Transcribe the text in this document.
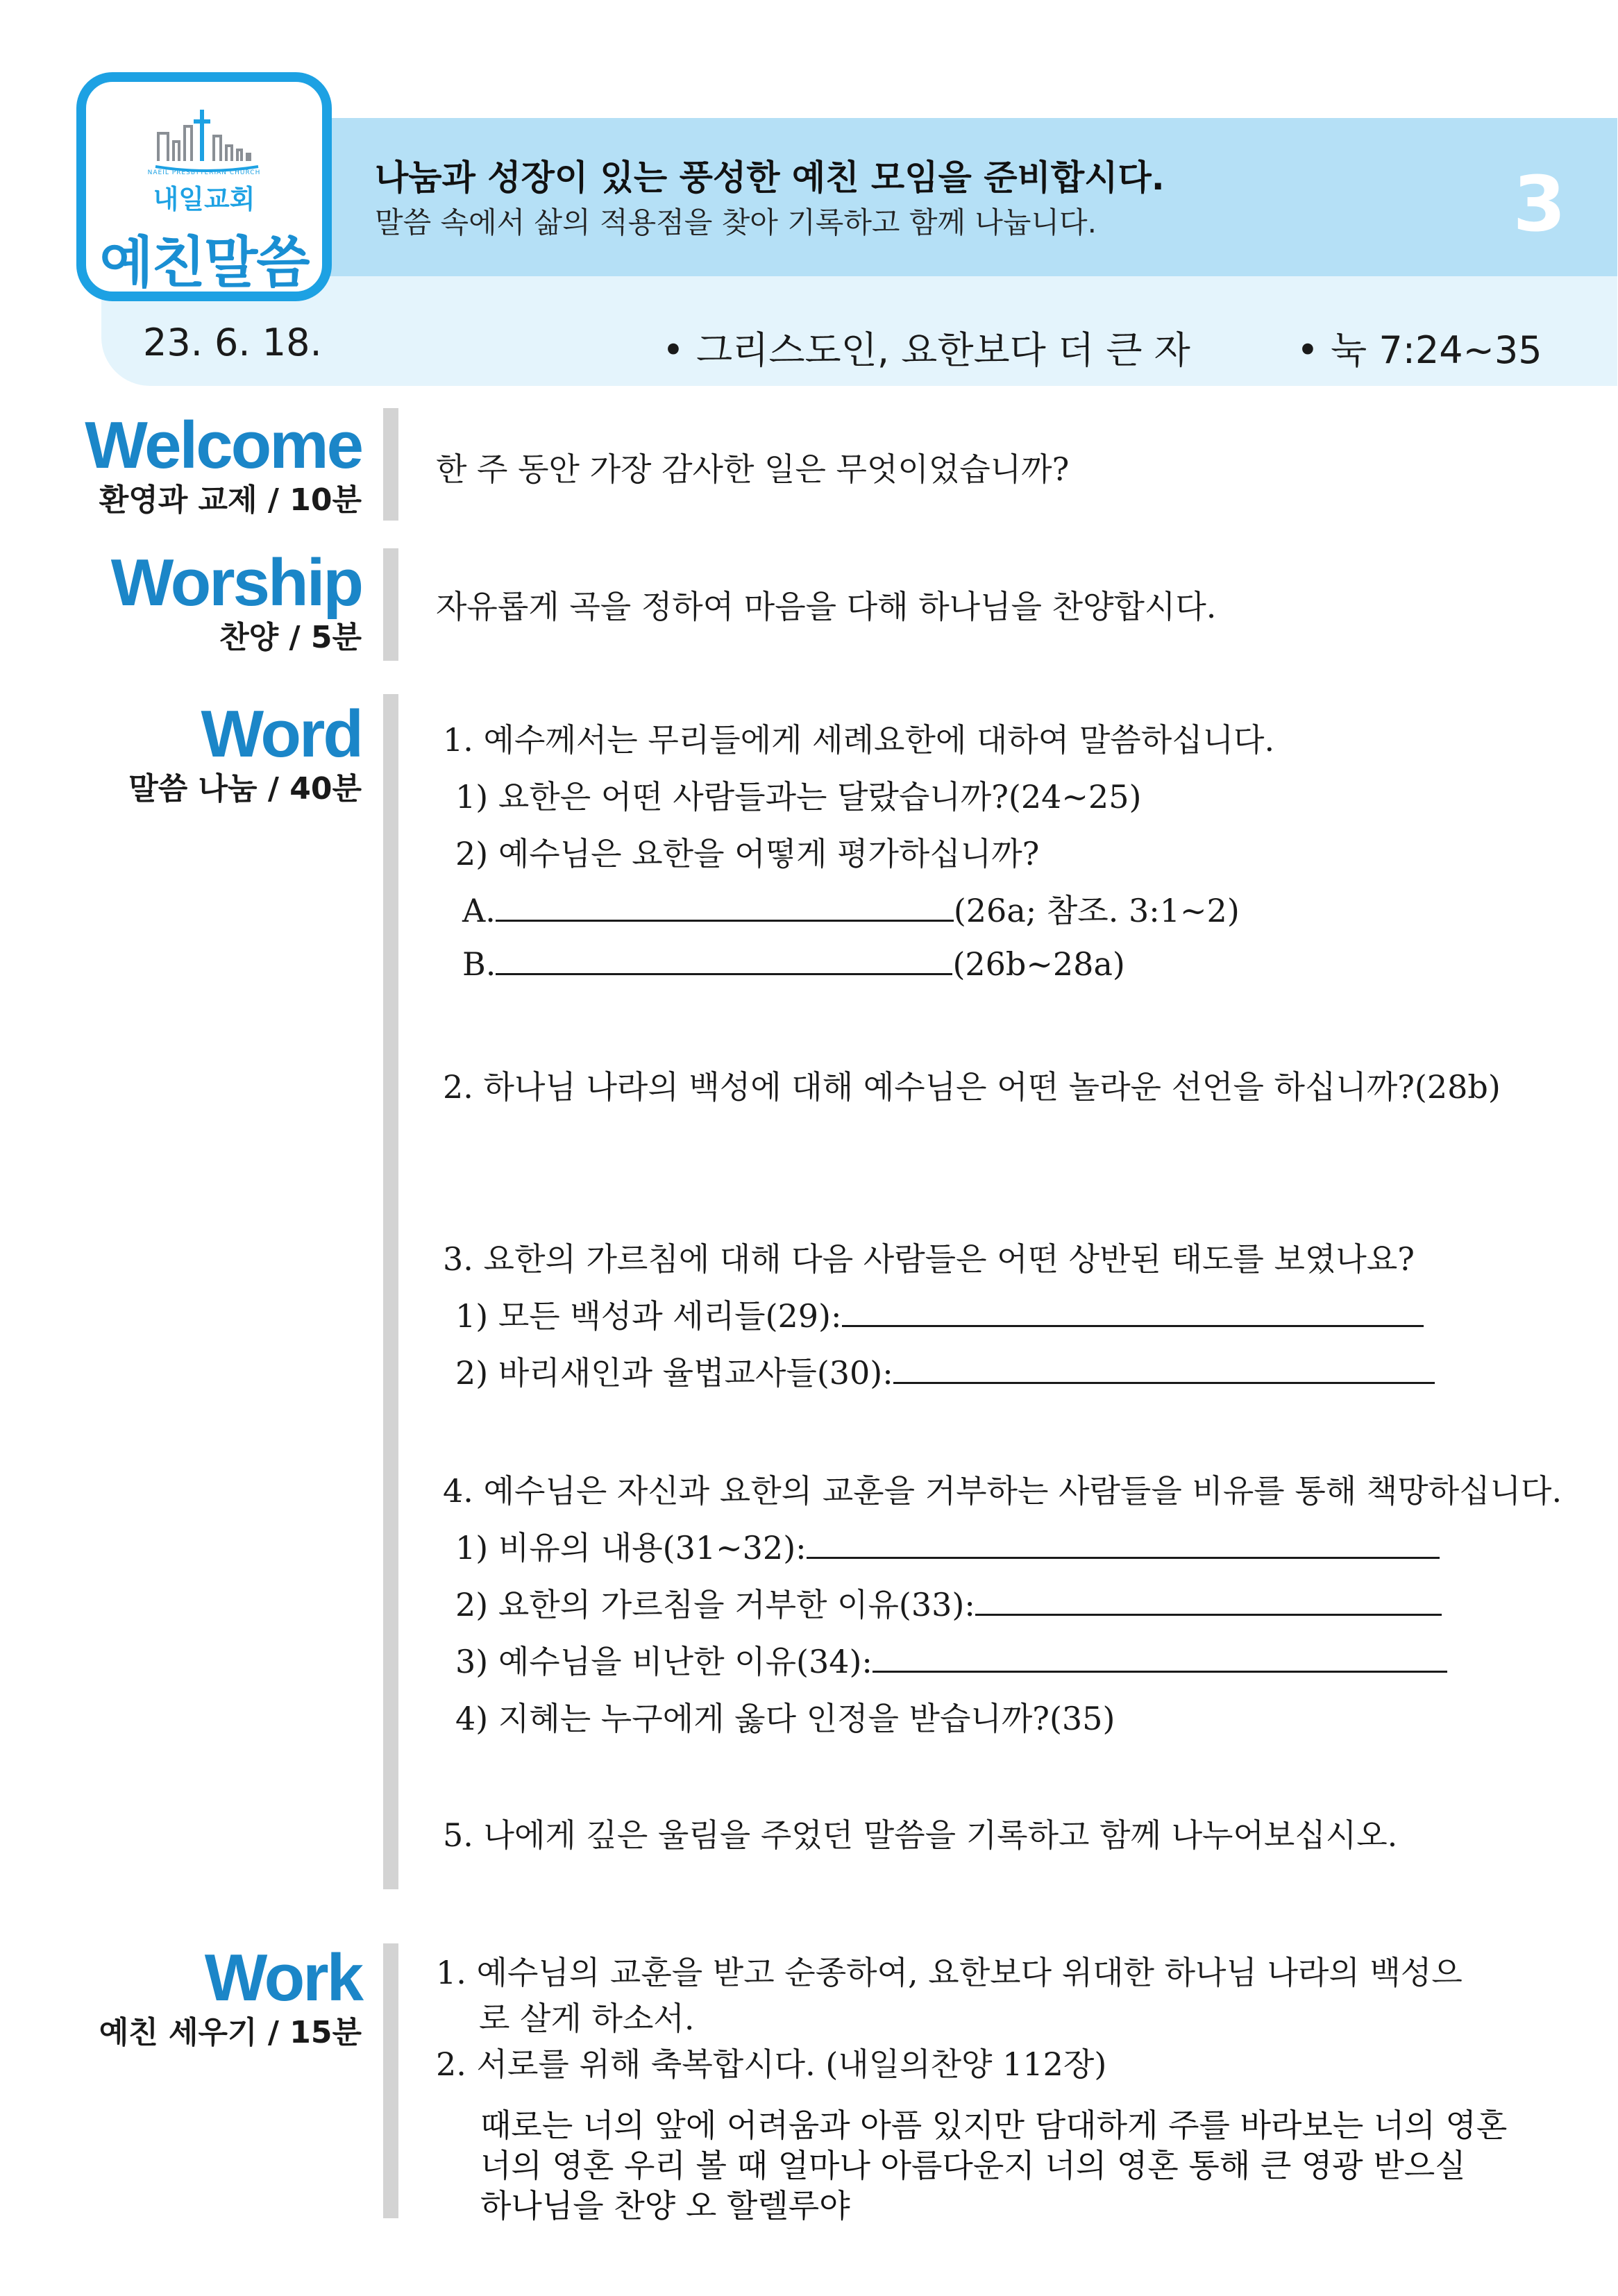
나눔과 성장이 있는 풍성한 예친 모임을 준비합시다.
말씀 속에서 삶의 적용점을 찾아 기록하고 함께 나눕니다.	3
NAEIL PRESBYTERIAN CHURCH
내일교회
예친말씀
23. 6. 18.	• 그리스도인, 요한보다 더 큰 자	• 눅 7:24~35
Welcome
환영과 교제 / 10분
한 주 동안 가장 감사한 일은 무엇이었습니까?
Worship
찬양 / 5분
자유롭게 곡을 정하여 마음을 다해 하나님을 찬양합시다.
Word
말씀 나눔 / 40분
1. 예수께서는 무리들에게 세례요한에 대하여 말씀하십니다.
1) 요한은 어떤 사람들과는 달랐습니까?(24~25)
2) 예수님은 요한을 어떻게 평가하십니까?
A.	(26a; 참조. 3:1~2)
B.	(26b~28a)
2. 하나님 나라의 백성에 대해 예수님은 어떤 놀라운 선언을 하십니까?(28b)
3. 요한의 가르침에 대해 다음 사람들은 어떤 상반된 태도를 보였나요?
1) 모든 백성과 세리들(29):
2) 바리새인과 율법교사들(30):
4. 예수님은 자신과 요한의 교훈을 거부하는 사람들을 비유를 통해 책망하십니다.
1) 비유의 내용(31~32):
2) 요한의 가르침을 거부한 이유(33):
3) 예수님을 비난한 이유(34):
4) 지혜는 누구에게 옳다 인정을 받습니까?(35)
5. 나에게 깊은 울림을 주었던 말씀을 기록하고 함께 나누어보십시오.
Work
예친 세우기 / 15분
1. 예수님의 교훈을 받고 순종하여, 요한보다 위대한 하나님 나라의 백성으
로 살게 하소서.
2. 서로를 위해 축복합시다. (내일의찬양 112장)
때로는 너의 앞에 어려움과 아픔 있지만 담대하게 주를 바라보는 너의 영혼
너의 영혼 우리 볼 때 얼마나 아름다운지 너의 영혼 통해 큰 영광 받으실
하나님을 찬양 오 할렐루야
